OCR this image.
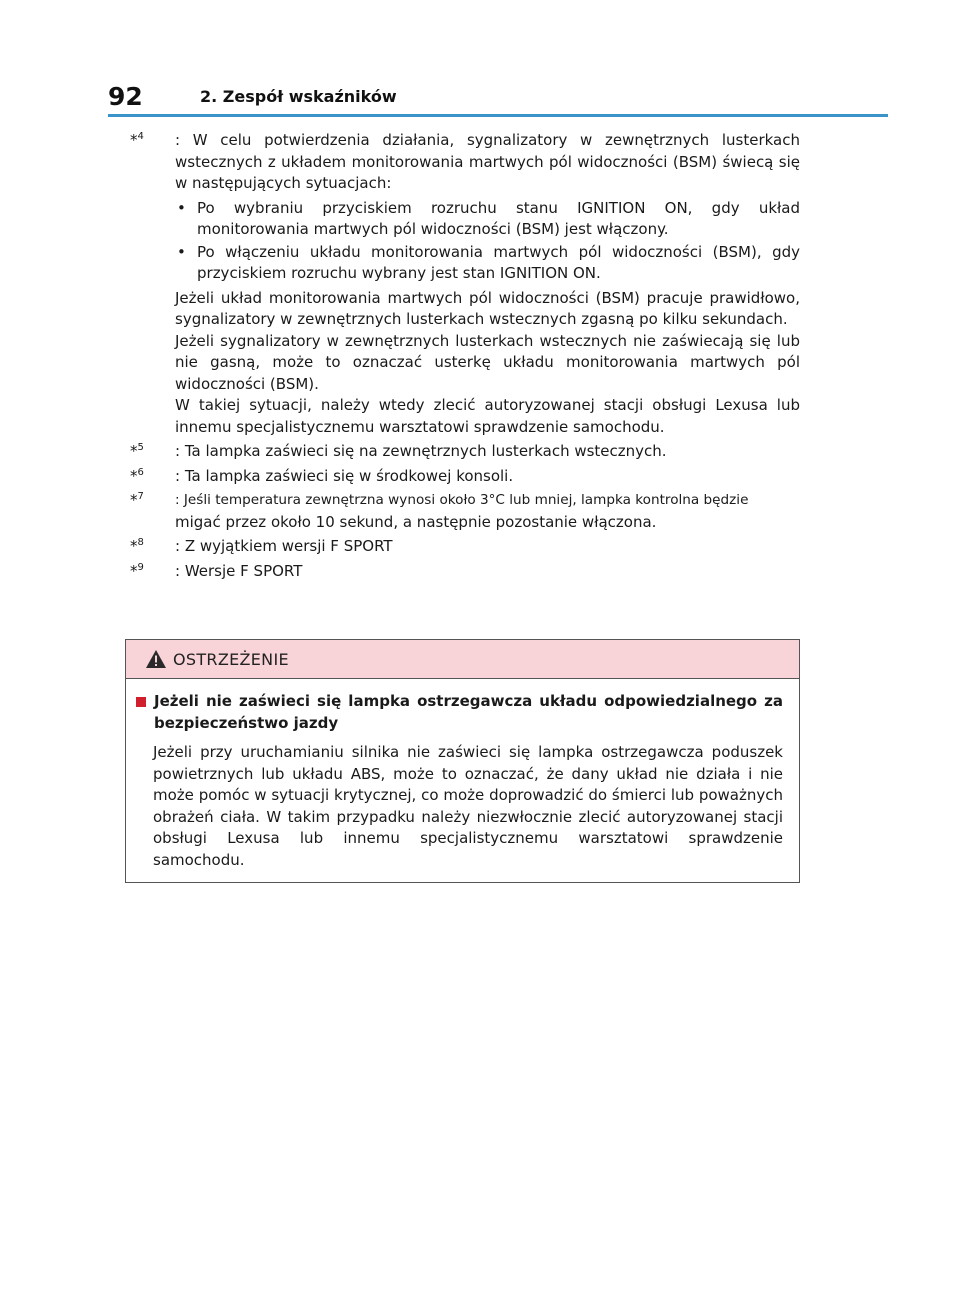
92	2. Zespół wskaźników
*$^4$	: W celu potwierdzenia działania, sygnalizatory w zewnętrznych lusterkach wstecznych z układem monitorowania martwych pól widoczności (BSM) świecą się w następujących sytuacjach:
• Po wybraniu przyciskiem rozruchu stanu IGNITION ON, gdy układ monitorowania martwych pól widoczności (BSM) jest włączony.
• Po włączeniu układu monitorowania martwych pól widoczności (BSM), gdy przyciskiem rozruchu wybrany jest stan IGNITION ON.
Jeżeli układ monitorowania martwych pól widoczności (BSM) pracuje prawidłowo, sygnalizatory w zewnętrznych lusterkach wstecznych zgasną po kilku sekundach.
Jeżeli sygnalizatory w zewnętrznych lusterkach wstecznych nie zaświecają się lub nie gasną, może to oznaczać usterkę układu monitorowania martwych pól widoczności (BSM).
W takiej sytuacji, należy wtedy zlecić autoryzowanej stacji obsługi Lexusa lub innemu specjalistycznemu warsztatowi sprawdzenie samochodu.
*$^5$	: Ta lampka zaświeci się na zewnętrznych lusterkach wstecznych.
*$^6$	: Ta lampka zaświeci się w środkowej konsoli.
*$^7$	: Jeśli temperatura zewnętrzna wynosi około 3°C lub mniej, lampka kontrolna będzie
migać przez około 10 sekund, a następnie pozostanie włączona.
*$^8$	: Z wyjątkiem wersji F SPORT
*$^9$	: Wersje F SPORT
OSTRZEŻENIE
Jeżeli nie zaświeci się lampka ostrzegawcza układu odpowiedzialnego za bezpieczeństwo jazdy
Jeżeli przy uruchamianiu silnika nie zaświeci się lampka ostrzegawcza poduszek powietrznych lub układu ABS, może to oznaczać, że dany układ nie działa i nie może pomóc w sytuacji krytycznej, co może doprowadzić do śmierci lub poważnych obrażeń ciała. W takim przypadku należy niezwłocznie zlecić autoryzowanej stacji obsługi Lexusa lub innemu specjalistycznemu warsztatowi sprawdzenie samochodu.
